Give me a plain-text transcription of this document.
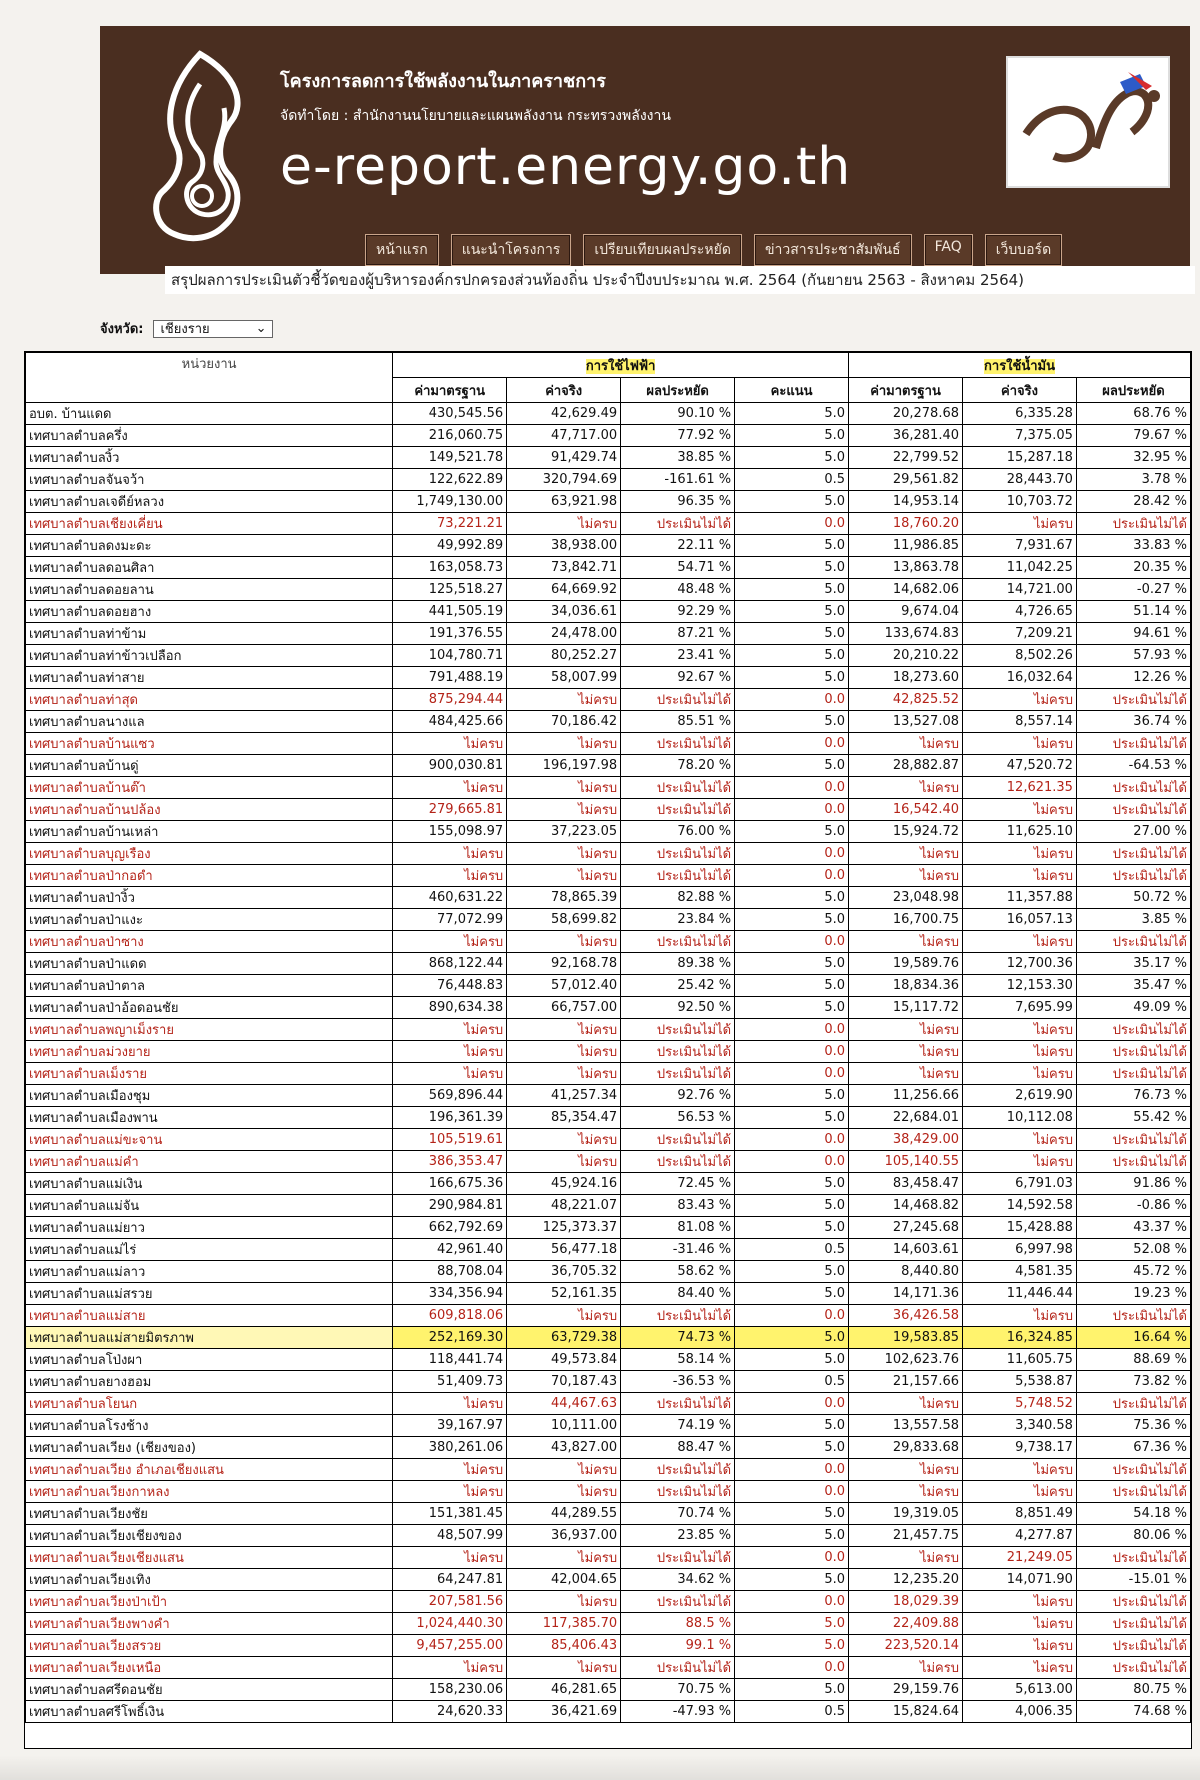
โครงการลดการใช้พลังงานในภาคราชการ
จัดทำโดย : สำนักงานนโยบายและแผนพลังงาน กระทรวงพลังงาน
e-report.energy.go.th
หน้าแรก	แนะนำโครงการ	เปรียบเทียบผลประหยัด	ข่าวสารประชาสัมพันธ์	FAQ	เว็บบอร์ด
สรุปผลการประเมินตัวชี้วัดของผู้บริหารองค์กรปกครองส่วนท้องถิ่น ประจำปีงบประมาณ พ.ศ. 2564 (กันยายน 2563 - สิงหาคม 2564)
จังหวัด: เชียงราย	⌄
หน่วยงาน	การใช้ไฟฟ้า				การใช้น้ำมัน		
	ค่ามาตรฐาน	ค่าจริง	ผลประหยัด	คะแนน	ค่ามาตรฐาน	ค่าจริง	ผลประหยัด
อบต. บ้านแดด	430,545.56	42,629.49	90.10 %	5.0	20,278.68	6,335.28	68.76 %
เทศบาลตำบลครึ่ง	216,060.75	47,717.00	77.92 %	5.0	36,281.40	7,375.05	79.67 %
เทศบาลตำบลงิ้ว	149,521.78	91,429.74	38.85 %	5.0	22,799.52	15,287.18	32.95 %
เทศบาลตำบลจันจว้า	122,622.89	320,794.69	-161.61 %	0.5	29,561.82	28,443.70	3.78 %
เทศบาลตำบลเจดีย์หลวง	1,749,130.00	63,921.98	96.35 %	5.0	14,953.14	10,703.72	28.42 %
เทศบาลตำบลเชียงเคี่ยน	73,221.21	ไม่ครบ	ประเมินไม่ได้	0.0	18,760.20	ไม่ครบ	ประเมินไม่ได้
เทศบาลตำบลดงมะดะ	49,992.89	38,938.00	22.11 %	5.0	11,986.85	7,931.67	33.83 %
เทศบาลตำบลดอนศิลา	163,058.73	73,842.71	54.71 %	5.0	13,863.78	11,042.25	20.35 %
เทศบาลตำบลดอยลาน	125,518.27	64,669.92	48.48 %	5.0	14,682.06	14,721.00	-0.27 %
เทศบาลตำบลดอยฮาง	441,505.19	34,036.61	92.29 %	5.0	9,674.04	4,726.65	51.14 %
เทศบาลตำบลท่าข้าม	191,376.55	24,478.00	87.21 %	5.0	133,674.83	7,209.21	94.61 %
เทศบาลตำบลท่าข้าวเปลือก	104,780.71	80,252.27	23.41 %	5.0	20,210.22	8,502.26	57.93 %
เทศบาลตำบลท่าสาย	791,488.19	58,007.99	92.67 %	5.0	18,273.60	16,032.64	12.26 %
เทศบาลตำบลท่าสุด	875,294.44	ไม่ครบ	ประเมินไม่ได้	0.0	42,825.52	ไม่ครบ	ประเมินไม่ได้
เทศบาลตำบลนางแล	484,425.66	70,186.42	85.51 %	5.0	13,527.08	8,557.14	36.74 %
เทศบาลตำบลบ้านแซว	ไม่ครบ	ไม่ครบ	ประเมินไม่ได้	0.0	ไม่ครบ	ไม่ครบ	ประเมินไม่ได้
เทศบาลตำบลบ้านดู่	900,030.81	196,197.98	78.20 %	5.0	28,882.87	47,520.72	-64.53 %
เทศบาลตำบลบ้านต๊า	ไม่ครบ	ไม่ครบ	ประเมินไม่ได้	0.0	ไม่ครบ	12,621.35	ประเมินไม่ได้
เทศบาลตำบลบ้านปล้อง	279,665.81	ไม่ครบ	ประเมินไม่ได้	0.0	16,542.40	ไม่ครบ	ประเมินไม่ได้
เทศบาลตำบลบ้านเหล่า	155,098.97	37,223.05	76.00 %	5.0	15,924.72	11,625.10	27.00 %
เทศบาลตำบลบุญเรือง	ไม่ครบ	ไม่ครบ	ประเมินไม่ได้	0.0	ไม่ครบ	ไม่ครบ	ประเมินไม่ได้
เทศบาลตำบลป่ากอดำ	ไม่ครบ	ไม่ครบ	ประเมินไม่ได้	0.0	ไม่ครบ	ไม่ครบ	ประเมินไม่ได้
เทศบาลตำบลป่างิ้ว	460,631.22	78,865.39	82.88 %	5.0	23,048.98	11,357.88	50.72 %
เทศบาลตำบลป่าแงะ	77,072.99	58,699.82	23.84 %	5.0	16,700.75	16,057.13	3.85 %
เทศบาลตำบลป่าซาง	ไม่ครบ	ไม่ครบ	ประเมินไม่ได้	0.0	ไม่ครบ	ไม่ครบ	ประเมินไม่ได้
เทศบาลตำบลป่าแดด	868,122.44	92,168.78	89.38 %	5.0	19,589.76	12,700.36	35.17 %
เทศบาลตำบลป่าตาล	76,448.83	57,012.40	25.42 %	5.0	18,834.36	12,153.30	35.47 %
เทศบาลตำบลป่าอ้อดอนชัย	890,634.38	66,757.00	92.50 %	5.0	15,117.72	7,695.99	49.09 %
เทศบาลตำบลพญาเม็งราย	ไม่ครบ	ไม่ครบ	ประเมินไม่ได้	0.0	ไม่ครบ	ไม่ครบ	ประเมินไม่ได้
เทศบาลตำบลม่วงยาย	ไม่ครบ	ไม่ครบ	ประเมินไม่ได้	0.0	ไม่ครบ	ไม่ครบ	ประเมินไม่ได้
เทศบาลตำบลเม็งราย	ไม่ครบ	ไม่ครบ	ประเมินไม่ได้	0.0	ไม่ครบ	ไม่ครบ	ประเมินไม่ได้
เทศบาลตำบลเมืองชุม	569,896.44	41,257.34	92.76 %	5.0	11,256.66	2,619.90	76.73 %
เทศบาลตำบลเมืองพาน	196,361.39	85,354.47	56.53 %	5.0	22,684.01	10,112.08	55.42 %
เทศบาลตำบลแม่ขะจาน	105,519.61	ไม่ครบ	ประเมินไม่ได้	0.0	38,429.00	ไม่ครบ	ประเมินไม่ได้
เทศบาลตำบลแม่คำ	386,353.47	ไม่ครบ	ประเมินไม่ได้	0.0	105,140.55	ไม่ครบ	ประเมินไม่ได้
เทศบาลตำบลแม่เงิน	166,675.36	45,924.16	72.45 %	5.0	83,458.47	6,791.03	91.86 %
เทศบาลตำบลแม่จัน	290,984.81	48,221.07	83.43 %	5.0	14,468.82	14,592.58	-0.86 %
เทศบาลตำบลแม่ยาว	662,792.69	125,373.37	81.08 %	5.0	27,245.68	15,428.88	43.37 %
เทศบาลตำบลแม่ไร่	42,961.40	56,477.18	-31.46 %	0.5	14,603.61	6,997.98	52.08 %
เทศบาลตำบลแม่ลาว	88,708.04	36,705.32	58.62 %	5.0	8,440.80	4,581.35	45.72 %
เทศบาลตำบลแม่สรวย	334,356.94	52,161.35	84.40 %	5.0	14,171.36	11,446.44	19.23 %
เทศบาลตำบลแม่สาย	609,818.06	ไม่ครบ	ประเมินไม่ได้	0.0	36,426.58	ไม่ครบ	ประเมินไม่ได้
เทศบาลตำบลแม่สายมิตรภาพ	252,169.30	63,729.38	74.73 %	5.0	19,583.85	16,324.85	16.64 %
เทศบาลตำบลโป่งผา	118,441.74	49,573.84	58.14 %	5.0	102,623.76	11,605.75	88.69 %
เทศบาลตำบลยางฮอม	51,409.73	70,187.43	-36.53 %	0.5	21,157.66	5,538.87	73.82 %
เทศบาลตำบลโยนก	ไม่ครบ	44,467.63	ประเมินไม่ได้	0.0	ไม่ครบ	5,748.52	ประเมินไม่ได้
เทศบาลตำบลโรงช้าง	39,167.97	10,111.00	74.19 %	5.0	13,557.58	3,340.58	75.36 %
เทศบาลตำบลเวียง (เชียงของ)	380,261.06	43,827.00	88.47 %	5.0	29,833.68	9,738.17	67.36 %
เทศบาลตำบลเวียง อำเภอเชียงแสน	ไม่ครบ	ไม่ครบ	ประเมินไม่ได้	0.0	ไม่ครบ	ไม่ครบ	ประเมินไม่ได้
เทศบาลตำบลเวียงกาหลง	ไม่ครบ	ไม่ครบ	ประเมินไม่ได้	0.0	ไม่ครบ	ไม่ครบ	ประเมินไม่ได้
เทศบาลตำบลเวียงชัย	151,381.45	44,289.55	70.74 %	5.0	19,319.05	8,851.49	54.18 %
เทศบาลตำบลเวียงเชียงของ	48,507.99	36,937.00	23.85 %	5.0	21,457.75	4,277.87	80.06 %
เทศบาลตำบลเวียงเชียงแสน	ไม่ครบ	ไม่ครบ	ประเมินไม่ได้	0.0	ไม่ครบ	21,249.05	ประเมินไม่ได้
เทศบาลตำบลเวียงเทิง	64,247.81	42,004.65	34.62 %	5.0	12,235.20	14,071.90	-15.01 %
เทศบาลตำบลเวียงป่าเป้า	207,581.56	ไม่ครบ	ประเมินไม่ได้	0.0	18,029.39	ไม่ครบ	ประเมินไม่ได้
เทศบาลตำบลเวียงพางคำ	1,024,440.30	117,385.70	88.5 %	5.0	22,409.88	ไม่ครบ	ประเมินไม่ได้
เทศบาลตำบลเวียงสรวย	9,457,255.00	85,406.43	99.1 %	5.0	223,520.14	ไม่ครบ	ประเมินไม่ได้
เทศบาลตำบลเวียงเหนือ	ไม่ครบ	ไม่ครบ	ประเมินไม่ได้	0.0	ไม่ครบ	ไม่ครบ	ประเมินไม่ได้
เทศบาลตำบลศรีดอนชัย	158,230.06	46,281.65	70.75 %	5.0	29,159.76	5,613.00	80.75 %
เทศบาลตำบลศรีโพธิ์เงิน	24,620.33	36,421.69	-47.93 %	0.5	15,824.64	4,006.35	74.68 %
